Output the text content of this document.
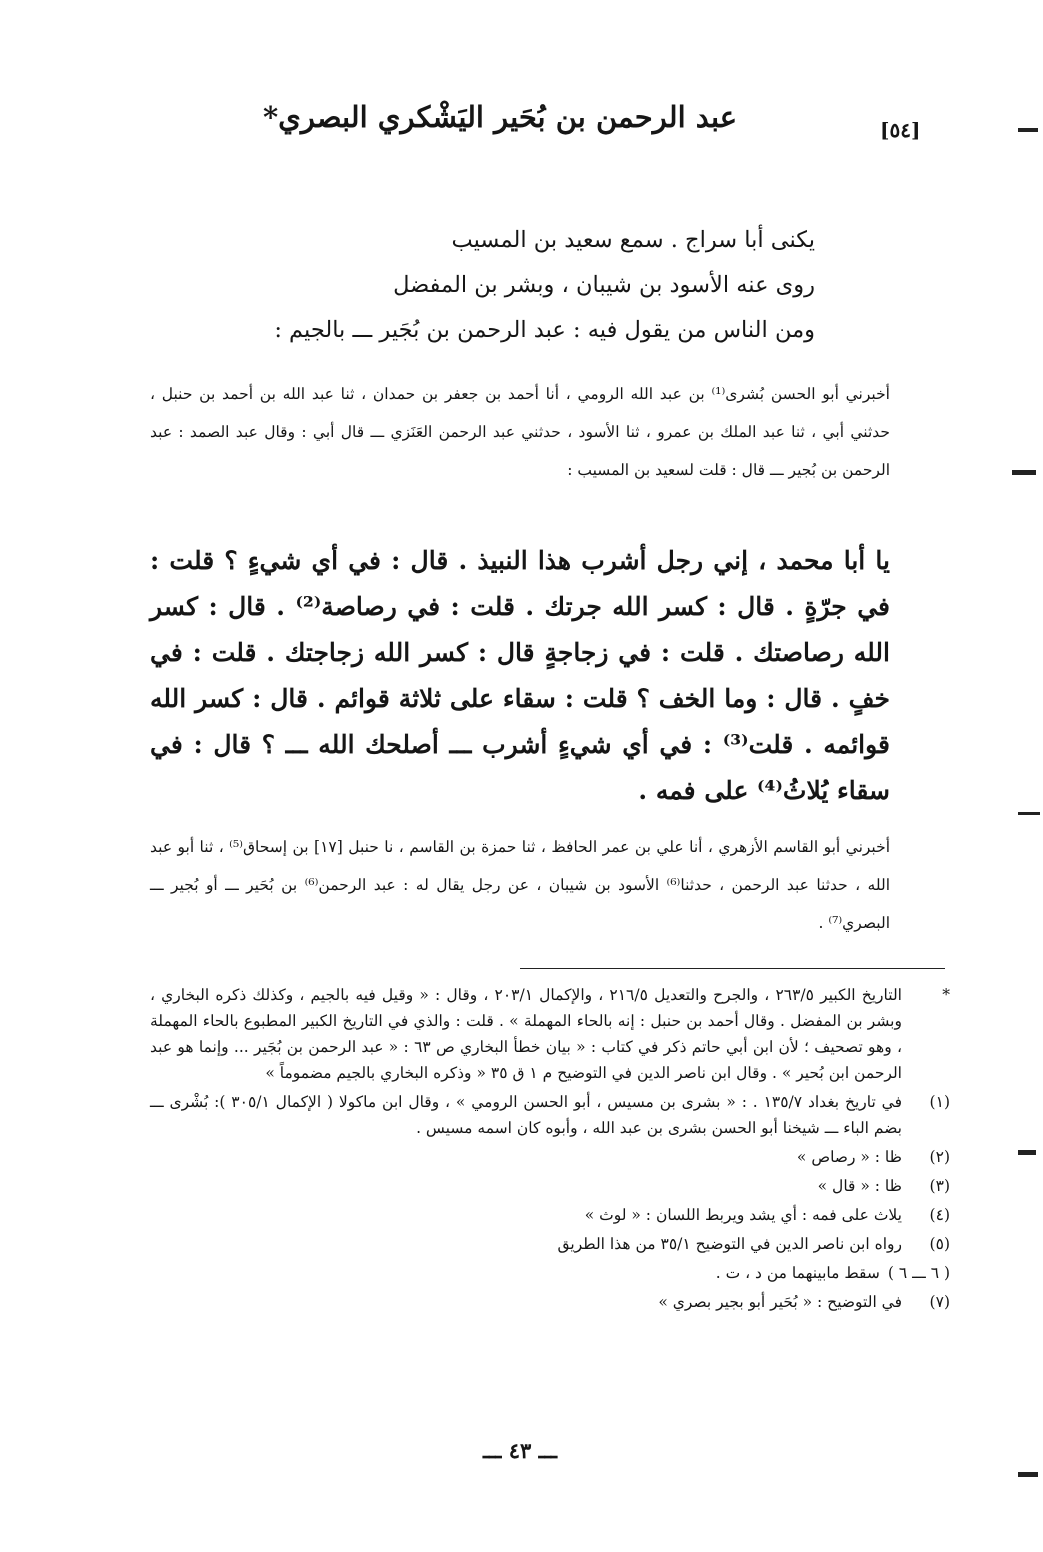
[٥٤]
عبد الرحمن بن بُحَير اليَشْكري البصري*
يكنى أبا سراج . سمع سعيد بن المسيب
روى عنه الأسود بن شيبان ، وبشر بن المفضل
ومن الناس من يقول فيه : عبد الرحمن بن بُجَير ـــ بالجيم :
أخبرني أبو الحسن بُشرى⁽¹⁾ بن عبد الله الرومي ، أنا أحمد بن جعفر بن حمدان ، ثنا عبد الله بن أحمد بن حنبل ، حدثني أبي ، ثنا عبد الملك بن عمرو ، ثنا الأسود ، حدثني عبد الرحمن العَنَزي ـــ قال أبي : وقال عبد الصمد : عبد الرحمن بن بُجير ـــ قال : قلت لسعيد بن المسيب :
يا أبا محمد ، إني رجل أشرب هذا النبيذ . قال : في أي شيءٍ ؟ قلت : في جرّةٍ . قال : كسر الله جرتك . قلت : في رصاصة⁽²⁾ . قال : كسر الله رصاصتك . قلت : في زجاجةٍ قال : كسر الله زجاجتك . قلت : في خفٍ . قال : وما الخف ؟ قلت : سقاء على ثلاثة قوائم . قال : كسر الله قوائمه . قلت⁽³⁾ : في أي شيءٍ أشرب ـــ أصلحك الله ـــ ؟ قال : في سقاء يُلاثُ⁽⁴⁾ على فمه .
أخبرني أبو القاسم الأزهري ، أنا علي بن عمر الحافظ ، ثنا حمزة بن القاسم ، نا حنبل [١٧] بن إسحاق⁽⁵⁾ ، ثنا أبو عبد الله ، حدثنا عبد الرحمن ، حدثنا⁽⁶⁾ الأسود بن شيبان ، عن رجل يقال له : عبد الرحمن⁽⁶⁾ بن بُحَير ـــ أو بُجير ـــ البصري⁽⁷⁾ .
*
التاريخ الكبير ٢٦٣/٥ ، والجرح والتعديل ٢١٦/٥ ، والإكمال ٢٠٣/١ ، وقال : « وقيل فيه بالجيم ، وكذلك ذكره البخاري ، وبشر بن المفضل . وقال أحمد بن حنبل : إنه بالحاء المهملة » . قلت : والذي في التاريخ الكبير المطبوع بالحاء المهملة ، وهو تصحيف ؛ لأن ابن أبي حاتم ذكر في كتاب : « بيان خطأ البخاري ص ٦٣ : « عبد الرحمن بن بُجَير ... وإنما هو عبد الرحمن ابن بُحير » . وقال ابن ناصر الدين في التوضيح م ١ ق ٣٥ « وذكره البخاري بالجيم مضموماً »
(١)
في تاريخ بغداد ١٣٥/٧ . : « بشرى بن مسيس ، أبو الحسن الرومي » ، وقال ابن ماكولا ( الإكمال ٣٠٥/١ ): بُشْرى ـــ بضم الباء ـــ شيخنا أبو الحسن بشرى بن عبد الله ، وأبوه كان اسمه مسيس .
(٢)
ظا : « رصاص »
(٣)
ظا : « قال »
(٤)
يلاث على فمه : أي يشد ويربط اللسان : « لوث »
(٥)
رواه ابن ناصر الدين في التوضيح ٣٥/١ من هذا الطريق
( ٦ ـــ ٦ )
سقط مابينهما من د ، ت .
(٧)
في التوضيح : « بُحَير أبو بجير بصري »
ـــ ٤٣ ـــ
